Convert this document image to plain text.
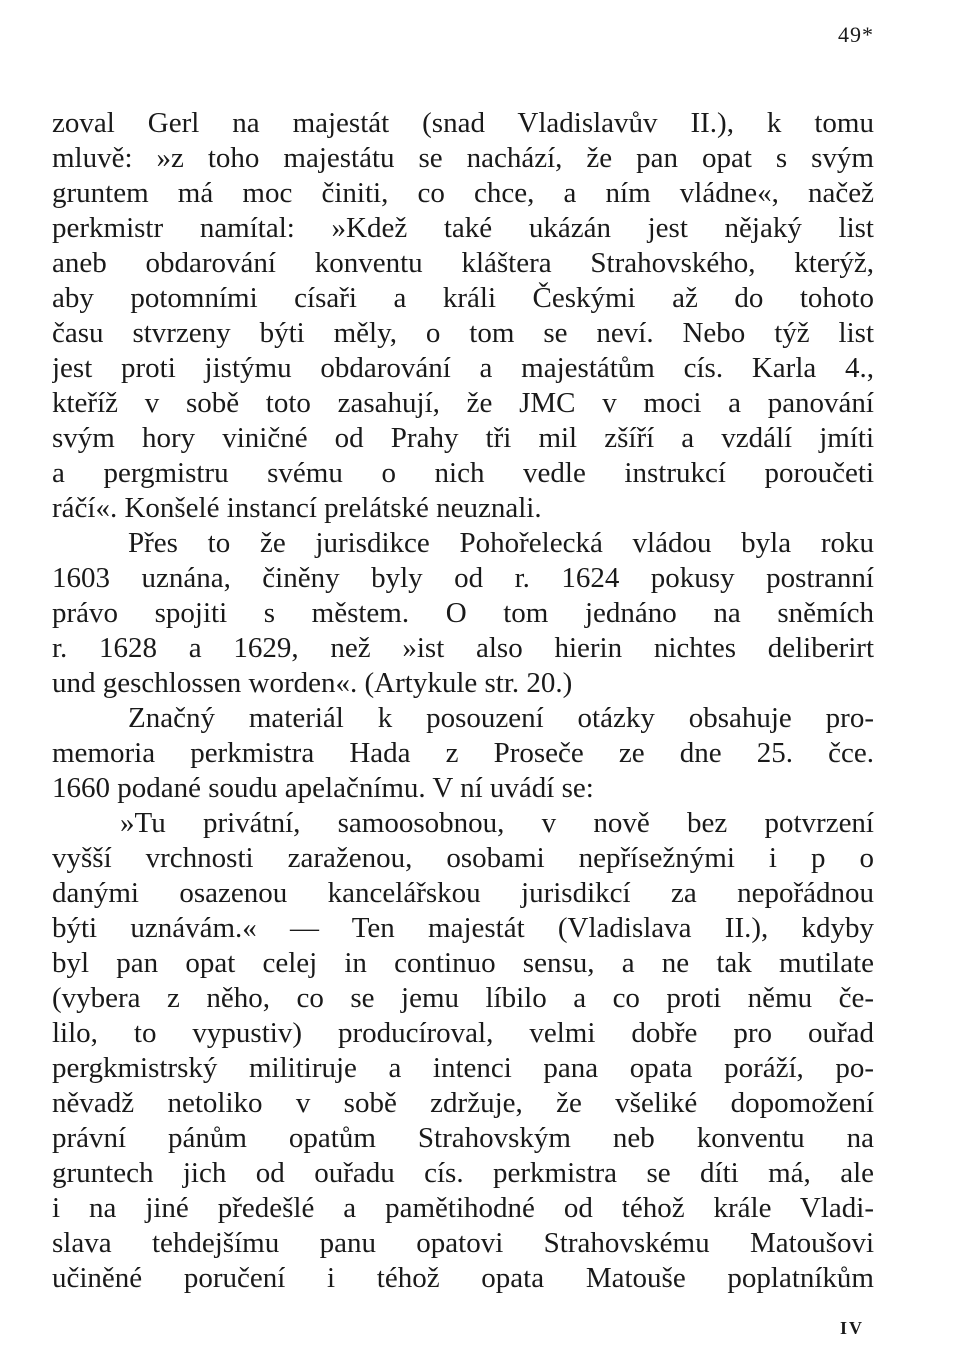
49*
zoval Gerl na majestát (snad Vladislavův II.), k tomu
mluvě: »z toho majestátu se nachází, že pan opat s svým
gruntem má moc činiti, co chce, a ním vládne«, načež
perkmistr namítal: »Kdež také ukázán jest nějaký list
aneb obdarování konventu kláštera Strahovského, kterýž,
aby potomními císaři a králi Českými až do tohoto
času stvrzeny býti měly, o tom se neví. Nebo týž list
jest proti jistýmu obdarování a majestátům cís. Karla 4.,
kteříž v sobě toto zasahují, že JMC v moci a panování
svým hory viničné od Prahy tři mil zšíří a vzdálí jmíti
a pergmistru svému o nich vedle instrukcí poroučeti
ráčí«. Konšelé instancí prelátské neuznali.
Přes to že jurisdikce Pohořelecká vládou byla roku
1603 uznána, činěny byly od r. 1624 pokusy postranní
právo spojiti s městem. O tom jednáno na sněmích
r. 1628 a 1629, než »ist also hierin nichtes deliberirt
und geschlossen worden«. (Artykule str. 20.)
Značný materiál k posouzení otázky obsahuje pro-
memoria perkmistra Hada z Proseče ze dne 25. čce.
1660 podané soudu apelačnímu. V ní uvádí se:
»Tu privátní, samoosobnou, v nově bez potvrzení
vyšší vrchnosti zaraženou, osobami nepřísežnými i p o
danými osazenou kancelářskou jurisdikcí za nepořádnou
býti uznávám.« — Ten majestát (Vladislava II.), kdyby
byl pan opat celej in continuo sensu, a ne tak mutilate
(vybera z něho, co se jemu líbilo a co proti němu če-
lilo, to vypustiv) producíroval, velmi dobře pro ouřad
pergkmistrský militiruje a intenci pana opata poráží, po-
něvadž netoliko v sobě zdržuje, že všeliké dopomožení
právní pánům opatům Strahovským neb konventu na
gruntech jich od ouřadu cís. perkmistra se díti má, ale
i na jiné předešlé a pamětihodné od téhož krále Vladi-
slava tehdejšímu panu opatovi Strahovskému Matoušovi
učiněné poručení i téhož opata Matouše poplatníkům
IV
